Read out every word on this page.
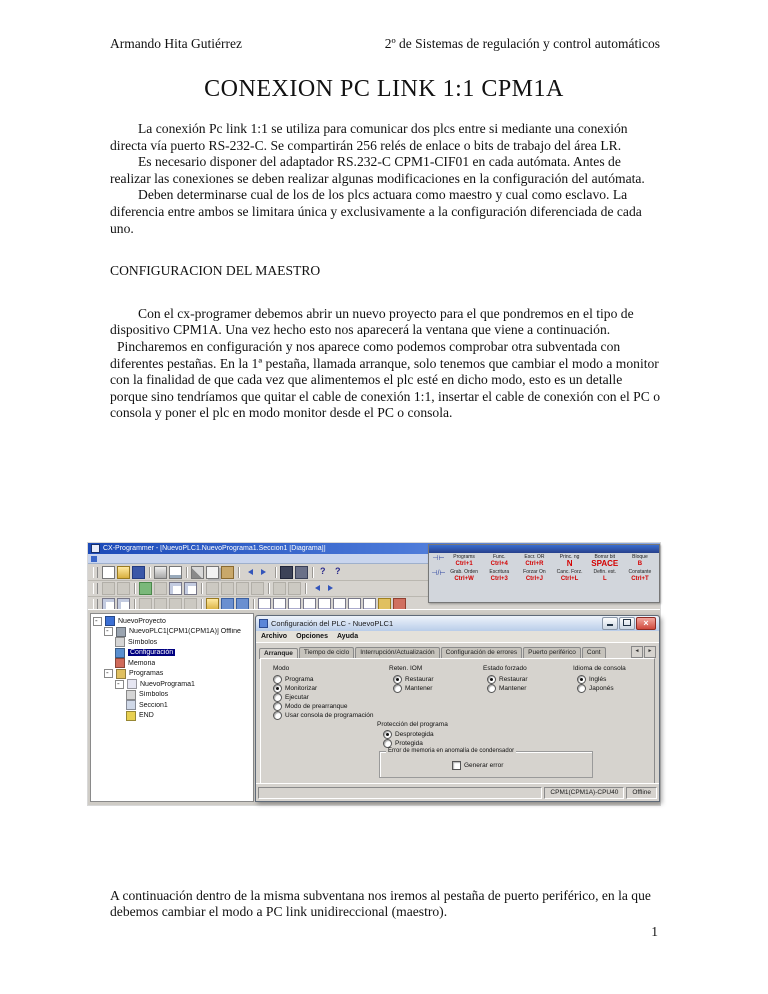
Armando Hita Gutiérrez	2º de Sistemas de regulación y control automáticos
CONEXION PC LINK 1:1 CPM1A

La conexión Pc link 1:1 se utiliza para comunicar dos plcs entre si mediante una conexión directa vía puerto RS-232-C. Se compartirán 256 relés de enlace o bits de trabajo del área LR.

Es necesario disponer del adaptador RS.232-C CPM1-CIF01 en cada autómata. Antes de realizar las conexiones se deben realizar algunas modificaciones en la configuración del autómata.

Deben determinarse cual de los de los plcs actuara como maestro y cual como esclavo. La diferencia entre ambos se limitara única y exclusivamente a la configuración diferenciada de cada uno.

CONFIGURACION DEL MAESTRO

Con el cx-programer debemos abrir un nuevo proyecto para el que pondremos en el tipo de dispositivo CPM1A. Una vez hecho esto nos aparecerá la ventana que viene a continuación.

Pincharemos en configuración y nos aparece como podemos comprobar otra subventada con diferentes pestañas. En la 1ª pestaña, llamada arranque, solo tenemos que cambiar el modo a monitor con la finalidad de que cada vez que alimentemos el plc esté en dicho modo, esto es un detalle porque sino tendríamos que quitar el cable de conexión 1:1, insertar el cable de conexión con el PC o consola y poner el plc en modo monitor desde el PC o consola.

CX-Programmer - [NuevoPLC1.NuevoPrograma1.Seccion1 [Diagrama]]
?
?
⊣⊢	Programs
Ctrl+1
Func.
Ctrl+4
Escr. OR
Ctrl+R
Princ. ng
N
Borrar bit
SPACE
Bloque
B
⊣/⊢ Grab. Orden
Ctrl+W
Escritura
Ctrl+3
Forzar On
Ctrl+J
Canc. Forz.
Ctrl+L
Defin. est.
L
Constante
Ctrl+T
-
NuevoProyecto
-
NuevoPLC1[CPM1(CPM1A)] Offline
Símbolos
Configuración
Memoria
-
Programas
-
NuevoPrograma1
Símbolos
Seccion1
END
Configuración del PLC - NuevoPLC1
×
Archivo Opciones Ayuda
Arranque	Tiempo de ciclo	Interrupción/Actualización	Configuración de errores	Puerto periférico	Cont	◄	►
Modo
Programa
Monitorizar
Ejecutar
Modo de prearranque
Usar consola de programación
Reten. IOM
Restaurar
Mantener
Estado forzado
Restaurar
Mantener
Idioma de consola
Inglés
Japonés
Protección del programa
Desprotegida
Protegida
Error de memoria en anomalía de condensador
Generar error
CPM1(CPM1A)-CPU40	Offline

A continuación dentro de la misma subventana nos iremos al pestaña de puerto periférico, en la que debemos cambiar el modo a PC link unidireccional (maestro).

1
